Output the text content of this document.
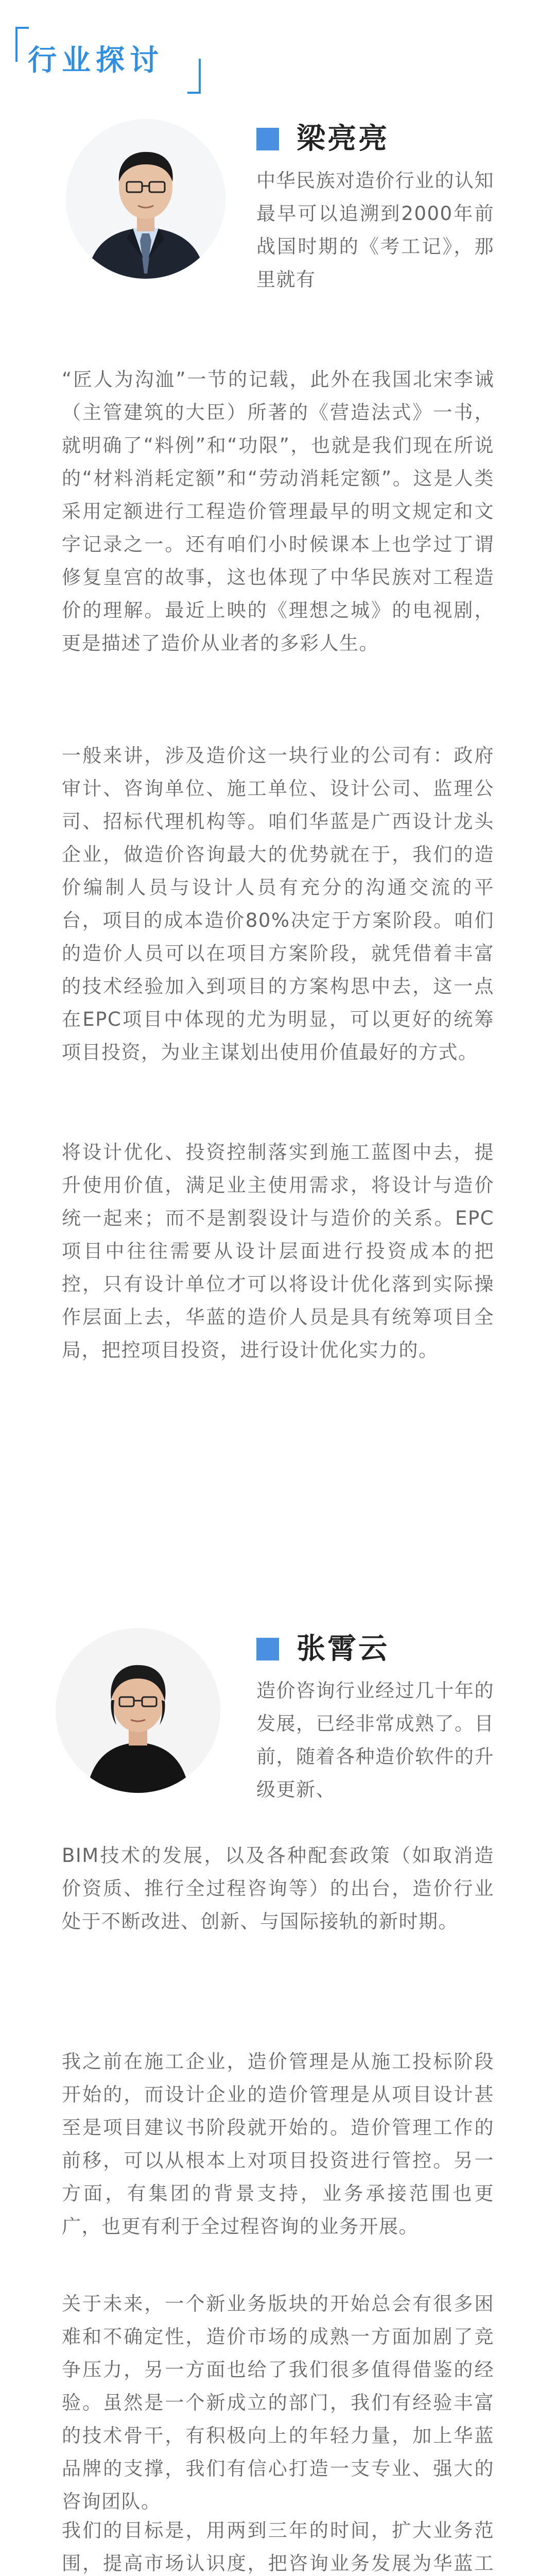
行业探讨
梁亮亮

中华民族对造价行业的认知最早可以追溯到2000年前战国时期的《考工记》，那里就有

“匠人为沟洫”一节的记载，此外在我国北宋李诫（主管建筑的大臣）所著的《营造法式》一书，就明确了“料例”和“功限”，也就是我们现在所说的“材料消耗定额”和“劳动消耗定额”。这是人类采用定额进行工程造价管理最早的明文规定和文字记录之一。还有咱们小时候课本上也学过丁谓修复皇宫的故事，这也体现了中华民族对工程造价的理解。最近上映的《理想之城》的电视剧，更是描述了造价从业者的多彩人生。

一般来讲，涉及造价这一块行业的公司有：政府审计、咨询单位、施工单位、设计公司、监理公司、招标代理机构等。咱们华蓝是广西设计龙头企业，做造价咨询最大的优势就在于，我们的造价编制人员与设计人员有充分的沟通交流的平台，项目的成本造价80%决定于方案阶段。咱们的造价人员可以在项目方案阶段，就凭借着丰富的技术经验加入到项目的方案构思中去，这一点在EPC项目中体现的尤为明显，可以更好的统筹项目投资，为业主谋划出使用价值最好的方式。

将设计优化、投资控制落实到施工蓝图中去，提升使用价值，满足业主使用需求，将设计与造价统一起来；而不是割裂设计与造价的关系。EPC项目中往往需要从设计层面进行投资成本的把控，只有设计单位才可以将设计优化落到实际操作层面上去，华蓝的造价人员是具有统筹项目全局，把控项目投资，进行设计优化实力的。

张霄云

造价咨询行业经过几十年的发展，已经非常成熟了。目前，随着各种造价软件的升级更新、

BIM技术的发展，以及各种配套政策（如取消造价资质、推行全过程咨询等）的出台，造价行业处于不断改进、创新、与国际接轨的新时期。

我之前在施工企业，造价管理是从施工投标阶段开始的，而设计企业的造价管理是从项目设计甚至是项目建议书阶段就开始的。造价管理工作的前移，可以从根本上对项目投资进行管控。另一方面，有集团的背景支持，业务承接范围也更广，也更有利于全过程咨询的业务开展。

关于未来，一个新业务版块的开始总会有很多困难和不确定性，造价市场的成熟一方面加剧了竞争压力，另一方面也给了我们很多值得借鉴的经验。虽然是一个新成立的部门，我们有经验丰富的技术骨干，有积极向上的年轻力量，加上华蓝品牌的支撑，我们有信心打造一支专业、强大的咨询团队。

我们的目标是，用两到三年的时间，扩大业务范围，提高市场认识度，把咨询业务发展为华蓝工
